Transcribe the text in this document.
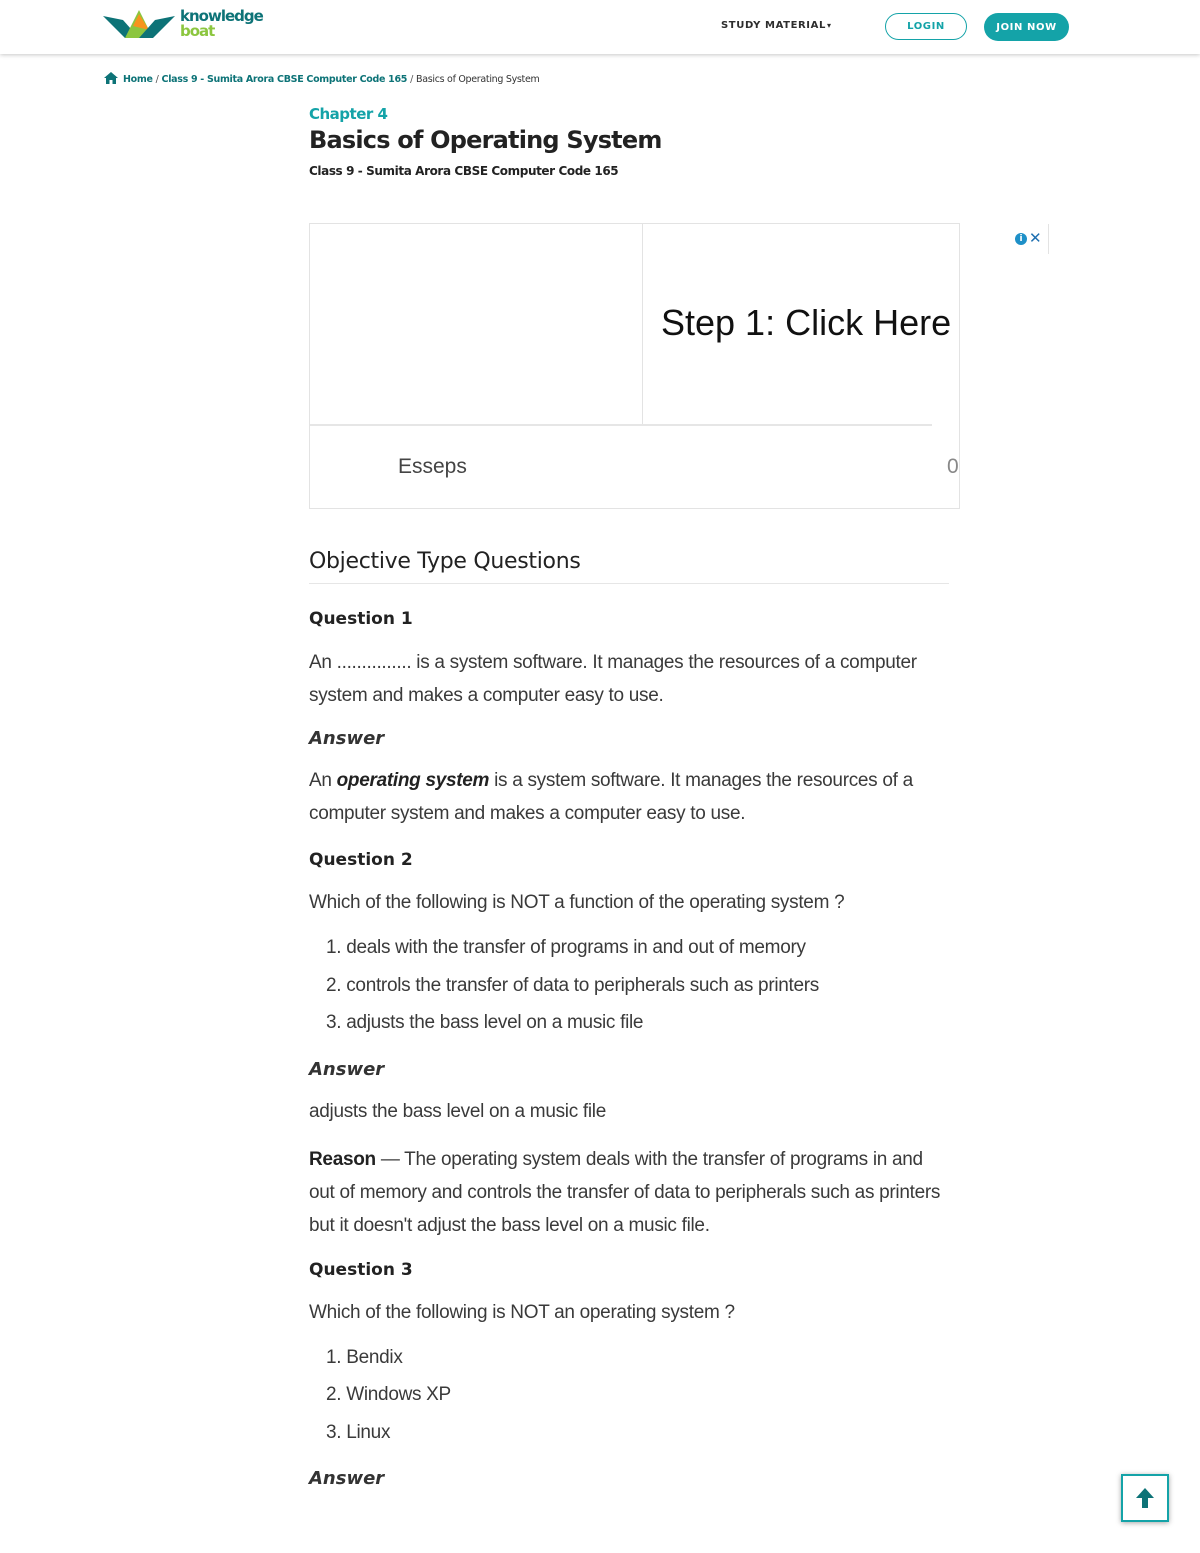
knowledge
boat	STUDY MATERIAL▾	LOGIN	JOIN NOW
Home / Class 9 - Sumita Arora CBSE Computer Code 165 / Basics of Operating System
Chapter 4
Basics of Operating System
Class 9 - Sumita Arora CBSE Computer Code 165
Step 1: Click Here
Esseps	0
i ✕
Objective Type Questions

Question 1

An ............... is a system software. It manages the resources of a computer system and makes a computer easy to use.

Answer

An operating system is a system software. It manages the resources of a computer system and makes a computer easy to use.

Question 2

Which of the following is NOT a function of the operating system ?

1. deals with the transfer of programs in and out of memory
2. controls the transfer of data to peripherals such as printers
3. adjusts the bass level on a music file

Answer

adjusts the bass level on a music file

Reason — The operating system deals with the transfer of programs in and out of memory and controls the transfer of data to peripherals such as printers but it doesn't adjust the bass level on a music file.

Question 3

Which of the following is NOT an operating system ?

1. Bendix
2. Windows XP
3. Linux

Answer
